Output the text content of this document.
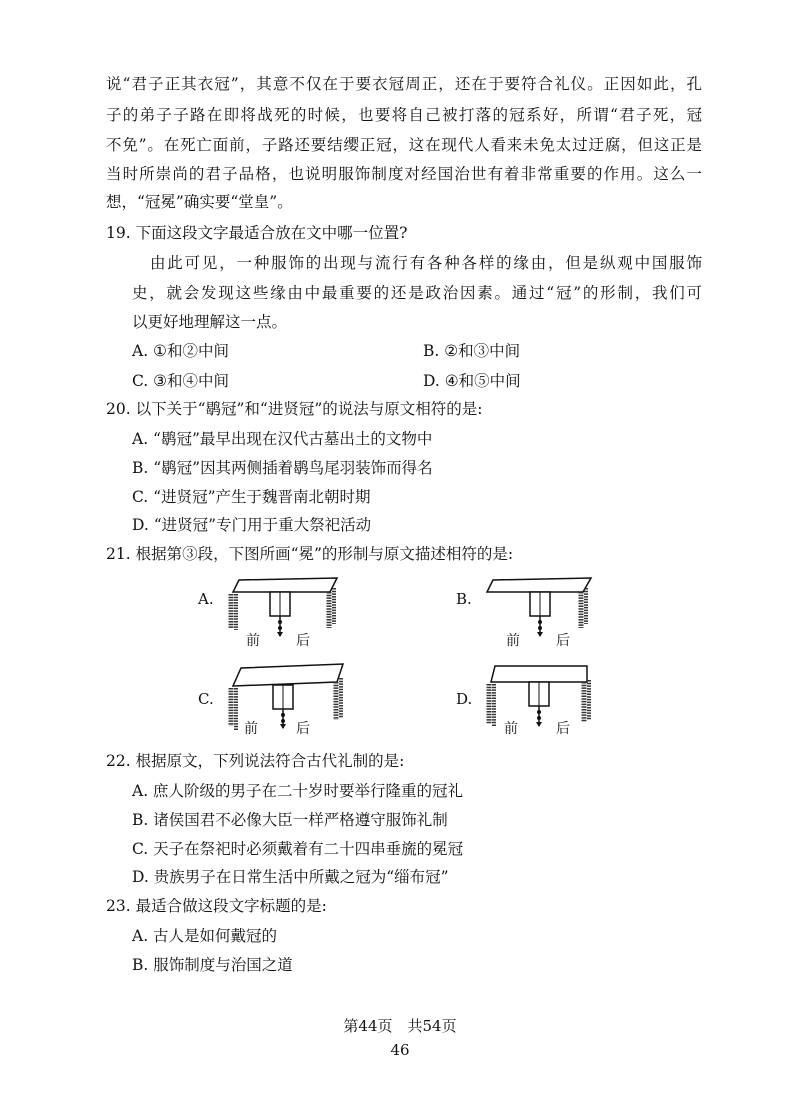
说“君子正其衣冠”，其意不仅在于要衣冠周正，还在于要符合礼仪。正因如此，孔
子的弟子子路在即将战死的时候，也要将自己被打落的冠系好，所谓“君子死，冠
不免”。在死亡面前，子路还要结缨正冠，这在现代人看来未免太过迂腐，但这正是
当时所崇尚的君子品格，也说明服饰制度对经国治世有着非常重要的作用。这么一
想，“冠冕”确实要“堂皇”。
19. 下面这段文字最适合放在文中哪一位置?
由此可见，一种服饰的出现与流行有各种各样的缘由，但是纵观中国服饰
史，就会发现这些缘由中最重要的还是政治因素。通过“冠”的形制，我们可
以更好地理解这一点。
A. ①和②中间	B. ②和③中间
C. ③和④中间	D. ④和⑤中间
20. 以下关于“鹖冠”和“进贤冠”的说法与原文相符的是:
A. “鹖冠”最早出现在汉代古墓出土的文物中
B. “鹖冠”因其两侧插着鹖鸟尾羽装饰而得名
C. “进贤冠”产生于魏晋南北朝时期
D. “进贤冠”专门用于重大祭祀活动
21. 根据第③段，下图所画“冕”的形制与原文描述相符的是:
A.
前	后
B.
前	后
C.
前	后
D.
前	后
22. 根据原文，下列说法符合古代礼制的是:
A. 庶人阶级的男子在二十岁时要举行隆重的冠礼
B. 诸侯国君不必像大臣一样严格遵守服饰礼制
C. 天子在祭祀时必须戴着有二十四串垂旒的冕冠
D. 贵族男子在日常生活中所戴之冠为“缁布冠”
23. 最适合做这段文字标题的是:
A. 古人是如何戴冠的
B. 服饰制度与治国之道
第44页　共54页
46
